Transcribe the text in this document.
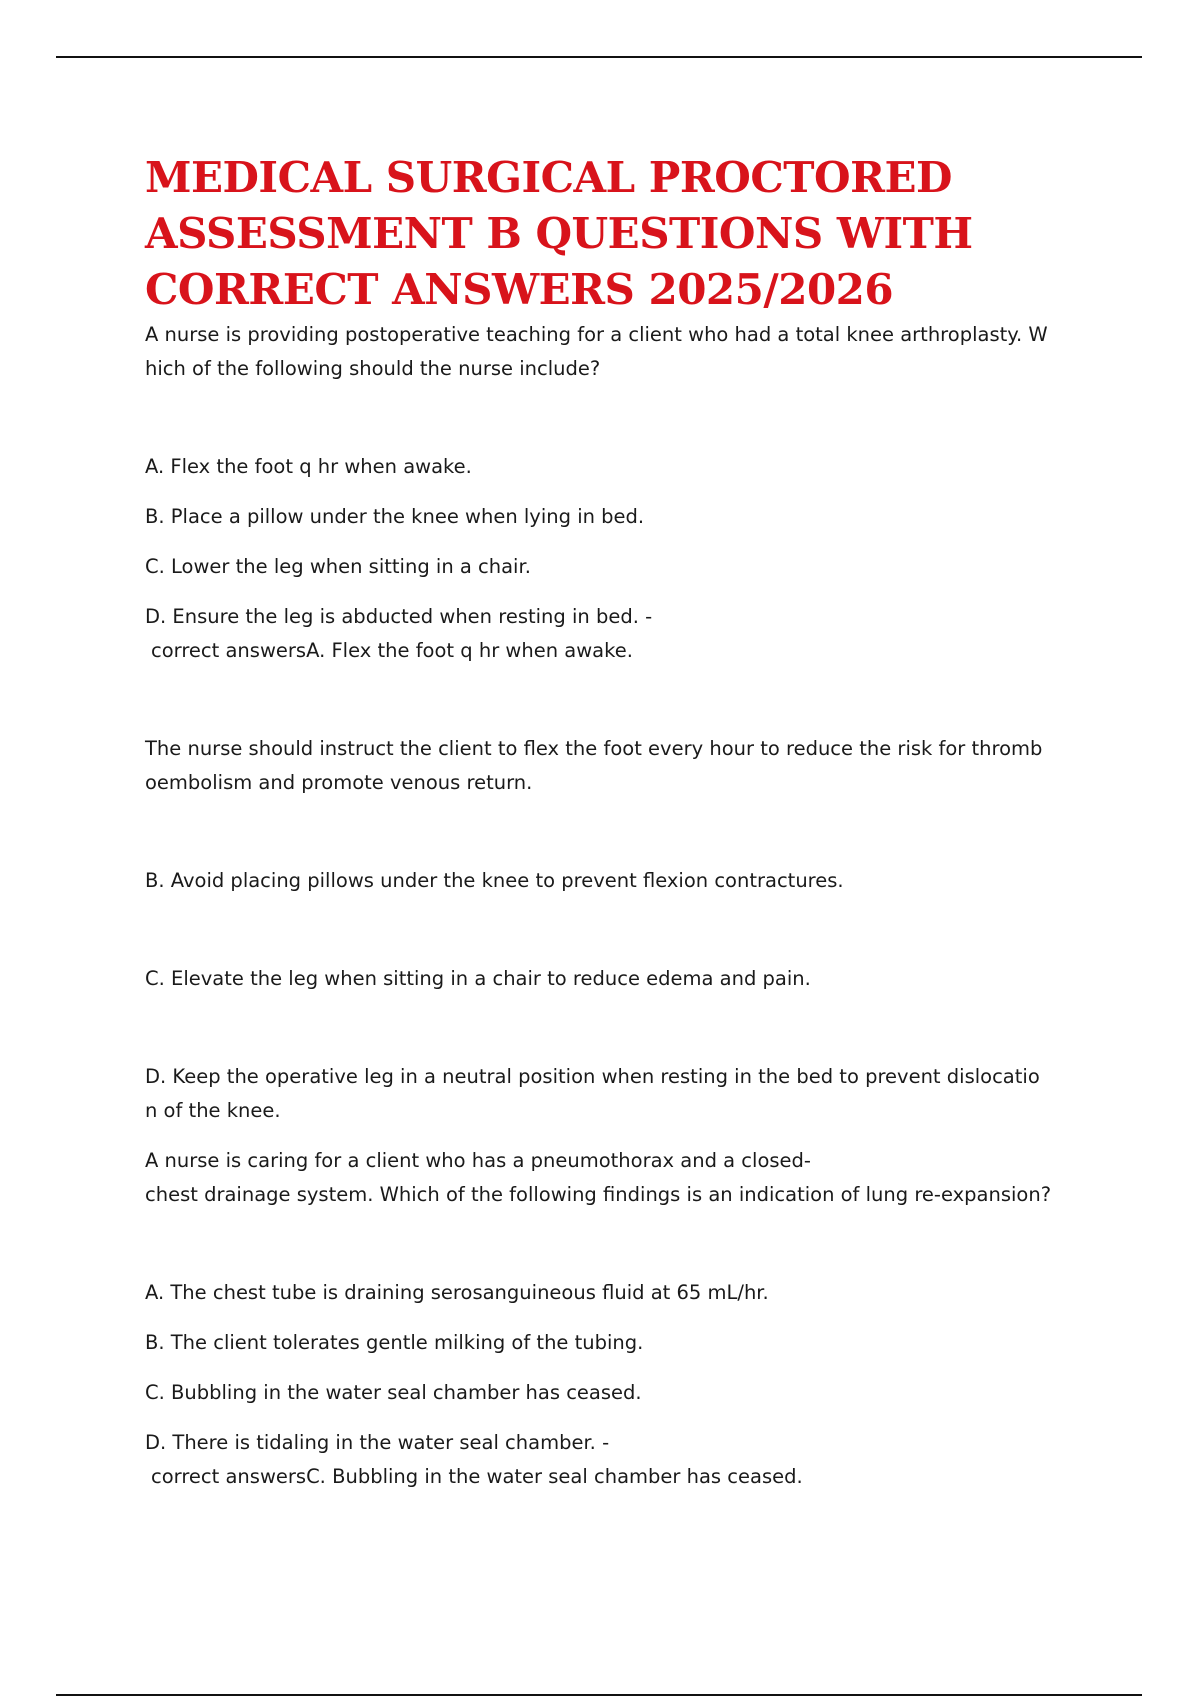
MEDICAL SURGICAL PROCTORED
ASSESSMENT B QUESTIONS WITH
CORRECT ANSWERS 2025/2026

A nurse is providing postoperative teaching for a client who had a total knee arthroplasty. W
hich of the following should the nurse include?

A. Flex the foot q hr when awake.

B. Place a pillow under the knee when lying in bed.

C. Lower the leg when sitting in a chair.

D. Ensure the leg is abducted when resting in bed. -

correct answersA. Flex the foot q hr when awake.

The nurse should instruct the client to flex the foot every hour to reduce the risk for thromb
oembolism and promote venous return.

B. Avoid placing pillows under the knee to prevent flexion contractures.

C. Elevate the leg when sitting in a chair to reduce edema and pain.

D. Keep the operative leg in a neutral position when resting in the bed to prevent dislocatio
n of the knee.

A nurse is caring for a client who has a pneumothorax and a closed-
chest drainage system. Which of the following findings is an indication of lung re-expansion?

A. The chest tube is draining serosanguineous fluid at 65 mL/hr.

B. The client tolerates gentle milking of the tubing.

C. Bubbling in the water seal chamber has ceased.

D. There is tidaling in the water seal chamber. -

correct answersC. Bubbling in the water seal chamber has ceased.
